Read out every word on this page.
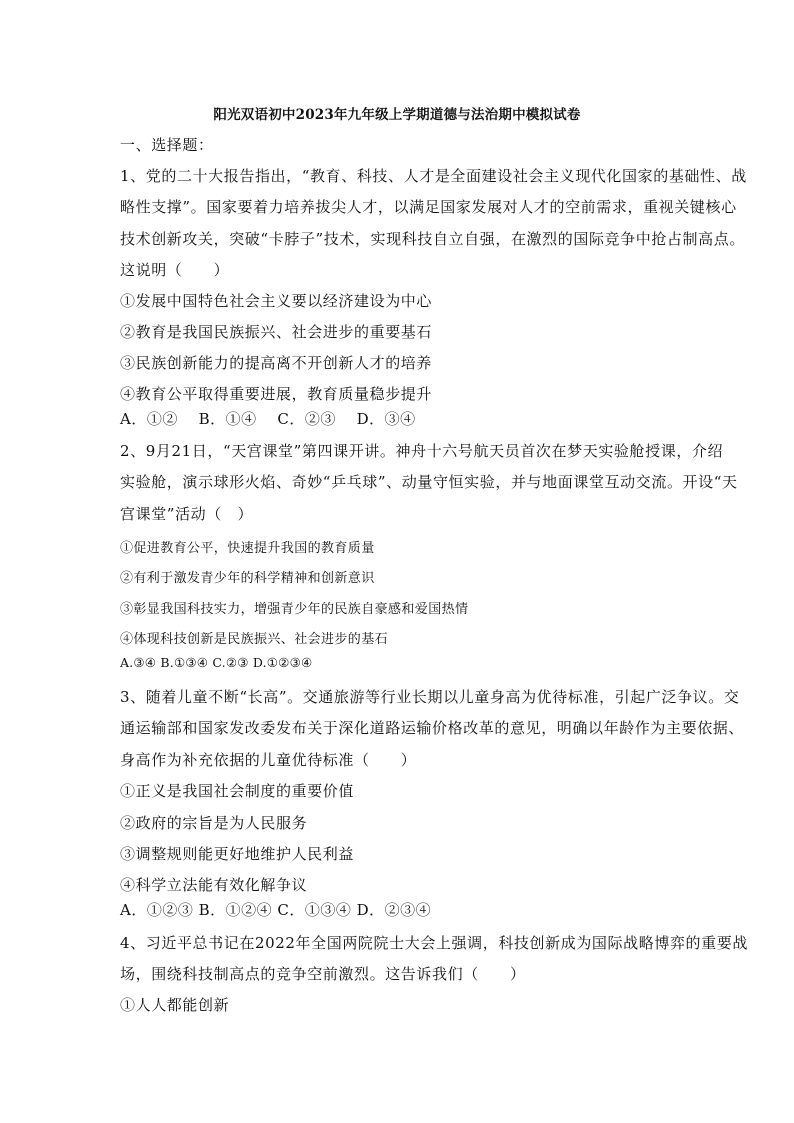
阳光双语初中2023年九年级上学期道德与法治期中模拟试卷
一、选择题：
1、党的二十大报告指出，“教育、科技、人才是全面建设社会主义现代化国家的基础性、战
略性支撑”。国家要着力培养拔尖人才，以满足国家发展对人才的空前需求，重视关键核心
技术创新攻关，突破“卡脖子”技术，实现科技自立自强，在激烈的国际竞争中抢占制高点。
这说明（　　）
①发展中国特色社会主义要以经济建设为中心
②教育是我国民族振兴、社会进步的重要基石
③民族创新能力的提高离不开创新人才的培养
④教育公平取得重要进展，教育质量稳步提升
A．①②　 B．①④　 C．②③　 D．③④
2、9月21日，“天宫课堂”第四课开讲。神舟十六号航天员首次在梦天实验舱授课，介绍
实验舱，演示球形火焰、奇妙“乒乓球”、动量守恒实验，并与地面课堂互动交流。开设“天
宫课堂”活动（　）
①促进教育公平，快速提升我国的教育质量
②有利于激发青少年的科学精神和创新意识
③彰显我国科技实力，增强青少年的民族自豪感和爱国热情
④体现科技创新是民族振兴、社会进步的基石
A.③④ B.①③④ C.②③ D.①②③④
3、随着儿童不断“长高”。交通旅游等行业长期以儿童身高为优待标准，引起广泛争议。交
通运输部和国家发改委发布关于深化道路运输价格改革的意见，明确以年龄作为主要依据、
身高作为补充依据的儿童优待标准（　　）
①正义是我国社会制度的重要价值
②政府的宗旨是为人民服务
③调整规则能更好地维护人民利益
④科学立法能有效化解争议
A．①②③ B．①②④ C．①③④ D．②③④
4、习近平总书记在2022年全国两院院士大会上强调，科技创新成为国际战略博弈的重要战
场，围绕科技制高点的竞争空前激烈。这告诉我们（　　）
①人人都能创新
